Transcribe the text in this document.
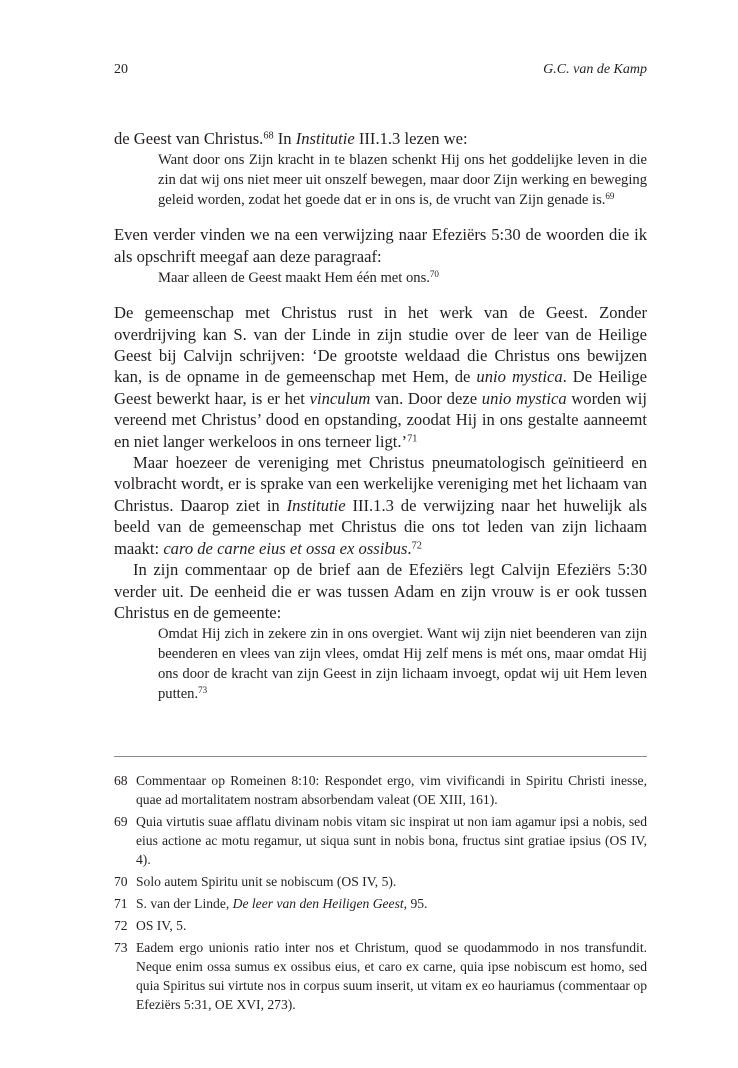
20	G.C. van de Kamp

de Geest van Christus.$^{68}$ In Institutie III.1.3 lezen we:

Want door ons Zijn kracht in te blazen schenkt Hij ons het goddelijke leven in die zin dat wij ons niet meer uit onszelf bewegen, maar door Zijn werking en beweging geleid worden, zodat het goede dat er in ons is, de vrucht van Zijn genade is.$^{69}$

Even verder vinden we na een verwijzing naar Efeziërs 5:30 de woorden die ik als opschrift meegaf aan deze paragraaf:

Maar alleen de Geest maakt Hem één met ons.$^{70}$

De gemeenschap met Christus rust in het werk van de Geest. Zonder overdrijving kan S. van der Linde in zijn studie over de leer van de Heilige Geest bij Calvijn schrijven: ‘De grootste weldaad die Christus ons bewijzen kan, is de opname in de gemeenschap met Hem, de unio mystica. De Heilige Geest bewerkt haar, is er het vinculum van. Door deze unio mystica worden wij vereend met Christus’ dood en opstanding, zoodat Hij in ons gestalte aanneemt en niet langer werkeloos in ons terneer ligt.’$^{71}$

Maar hoezeer de vereniging met Christus pneumatologisch geïnitieerd en volbracht wordt, er is sprake van een werkelijke vereniging met het lichaam van Christus. Daarop ziet in Institutie III.1.3 de verwijzing naar het huwelijk als beeld van de gemeenschap met Christus die ons tot leden van zijn lichaam maakt: caro de carne eius et ossa ex ossibus.$^{72}$

In zijn commentaar op de brief aan de Efeziërs legt Calvijn Efeziërs 5:30 verder uit. De eenheid die er was tussen Adam en zijn vrouw is er ook tussen Christus en de gemeente:

Omdat Hij zich in zekere zin in ons overgiet. Want wij zijn niet beenderen van zijn beenderen en vlees van zijn vlees, omdat Hij zelf mens is mét ons, maar omdat Hij ons door de kracht van zijn Geest in zijn lichaam invoegt, opdat wij uit Hem leven putten.$^{73}$

68 Commentaar op Romeinen 8:10: Respondet ergo, vim vivificandi in Spiritu Christi inesse, quae ad mortalitatem nostram absorbendam valeat (OE XIII, 161).
69 Quia virtutis suae afflatu divinam nobis vitam sic inspirat ut non iam agamur ipsi a nobis, sed eius actione ac motu regamur, ut siqua sunt in nobis bona, fructus sint gratiae ipsius (OS IV, 4).
70 Solo autem Spiritu unit se nobiscum (OS IV, 5).
71 S. van der Linde, De leer van den Heiligen Geest, 95.
72 OS IV, 5.
73 Eadem ergo unionis ratio inter nos et Christum, quod se quodammodo in nos transfundit. Neque enim ossa sumus ex ossibus eius, et caro ex carne, quia ipse nobiscum est homo, sed quia Spiritus sui virtute nos in corpus suum inserit, ut vitam ex eo hauriamus (commentaar op Efeziërs 5:31, OE XVI, 273).
